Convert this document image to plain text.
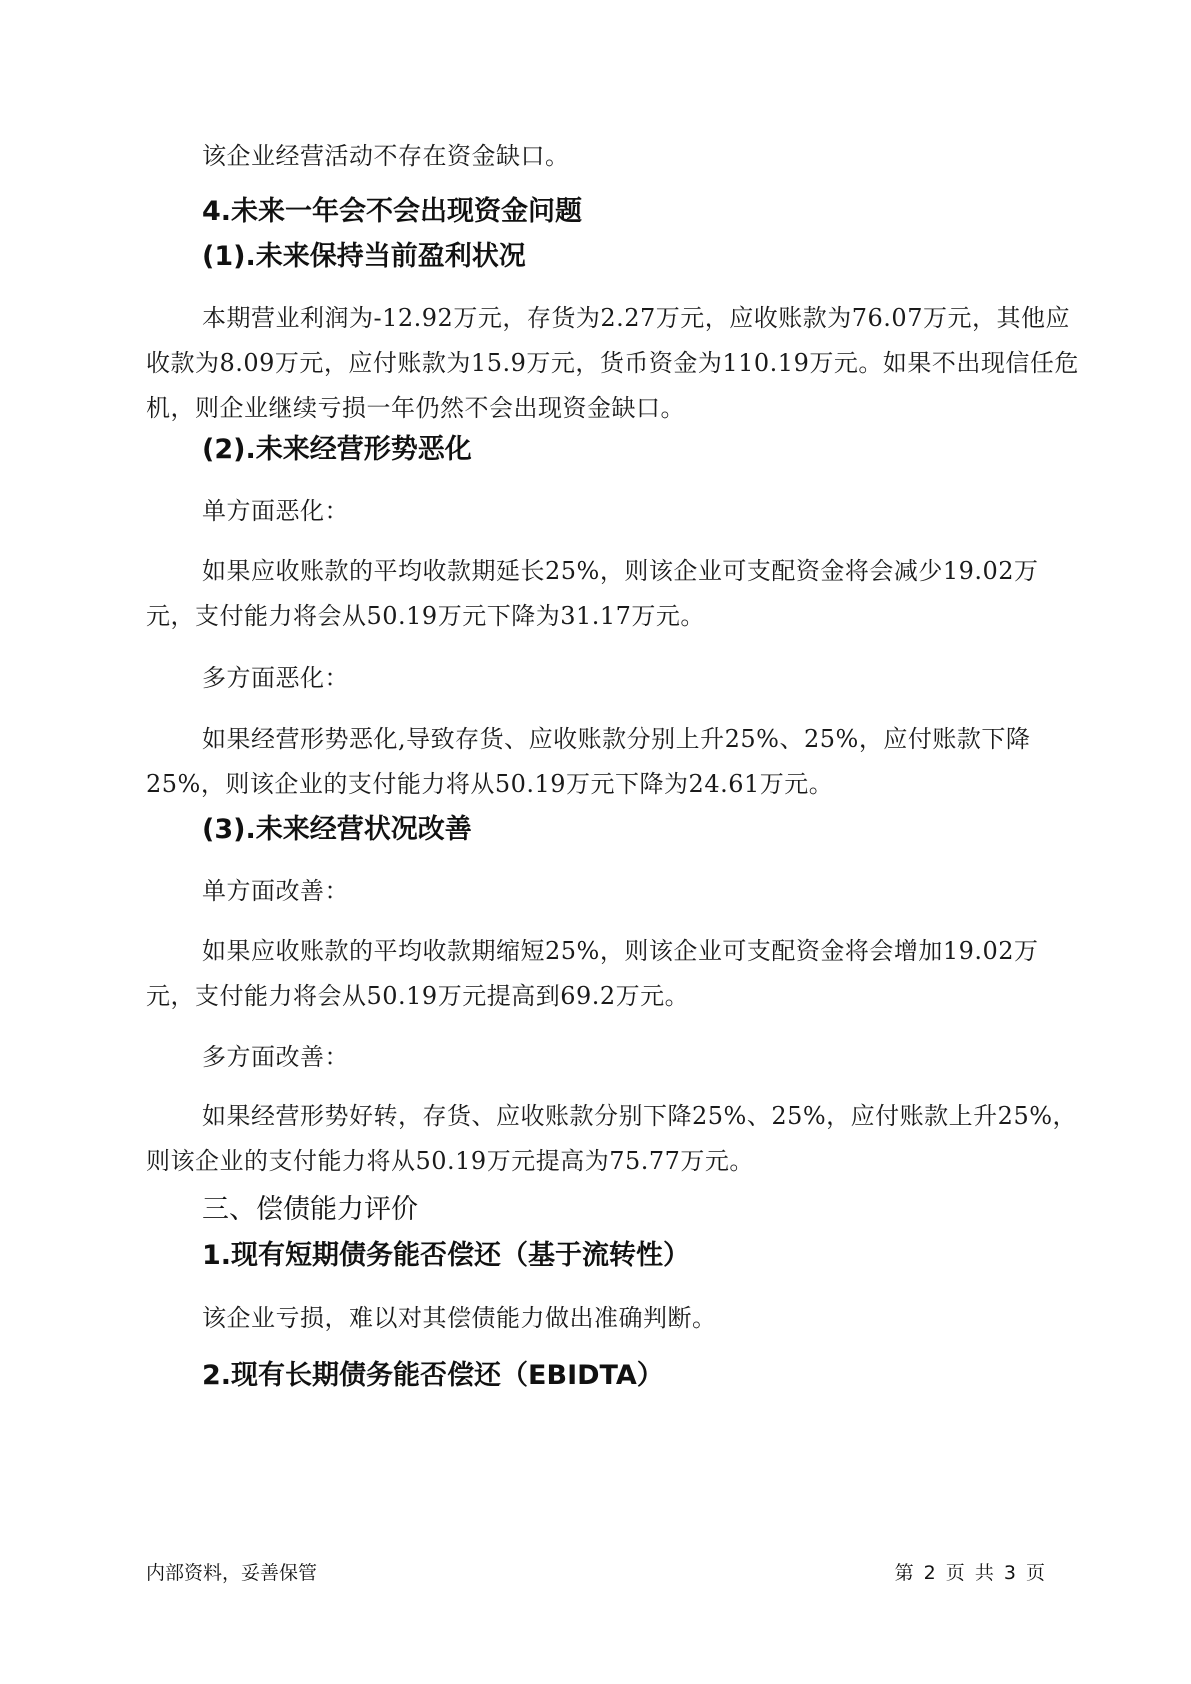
该企业经营活动不存在资金缺口。

4.未来一年会不会出现资金问题
(1).未来保持当前盈利状况

本期营业利润为-12.92万元，存货为2.27万元，应收账款为76.07万元，其他应收款为8.09万元，应付账款为15.9万元，货币资金为110.19万元。如果不出现信任危机，则企业继续亏损一年仍然不会出现资金缺口。

(2).未来经营形势恶化

单方面恶化：

如果应收账款的平均收款期延长25%，则该企业可支配资金将会减少19.02万元，支付能力将会从50.19万元下降为31.17万元。

多方面恶化：

如果经营形势恶化,导致存货、应收账款分别上升25%、25%，应付账款下降25%，则该企业的支付能力将从50.19万元下降为24.61万元。

(3).未来经营状况改善

单方面改善：

如果应收账款的平均收款期缩短25%，则该企业可支配资金将会增加19.02万元，支付能力将会从50.19万元提高到69.2万元。

多方面改善：

如果经营形势好转，存货、应收账款分别下降25%、25%，应付账款上升25%，则该企业的支付能力将从50.19万元提高为75.77万元。

三、偿债能力评价
1.现有短期债务能否偿还（基于流转性）

该企业亏损，难以对其偿债能力做出准确判断。

2.现有长期债务能否偿还（EBIDTA）
内部资料，妥善保管	第 2 页 共 3 页
